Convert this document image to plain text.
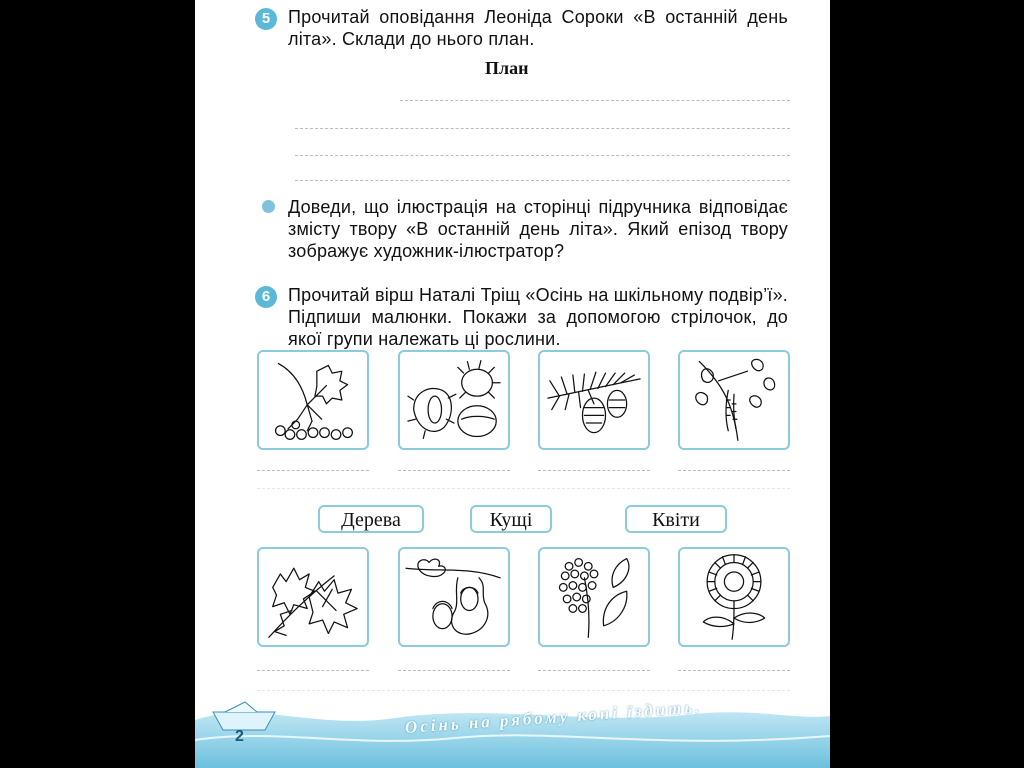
5 Прочитай оповідання Леоніда Сороки «В останній день літа». Склади до нього план.
План
Доведи, що ілюстрація на сторінці підручника відповідає змісту твору «В останній день літа». Який епізод твору зображує художник-ілюстратор?
6 Прочитай вірш Наталі Тріщ «Осінь на шкільному подвір’ї». Підпиши малюнки. Покажи за допомогою стрілочок, до якої групи належать ці рослини.
Дерева	Кущі	Квіти
2	Осінь на рябому коні їздить.
